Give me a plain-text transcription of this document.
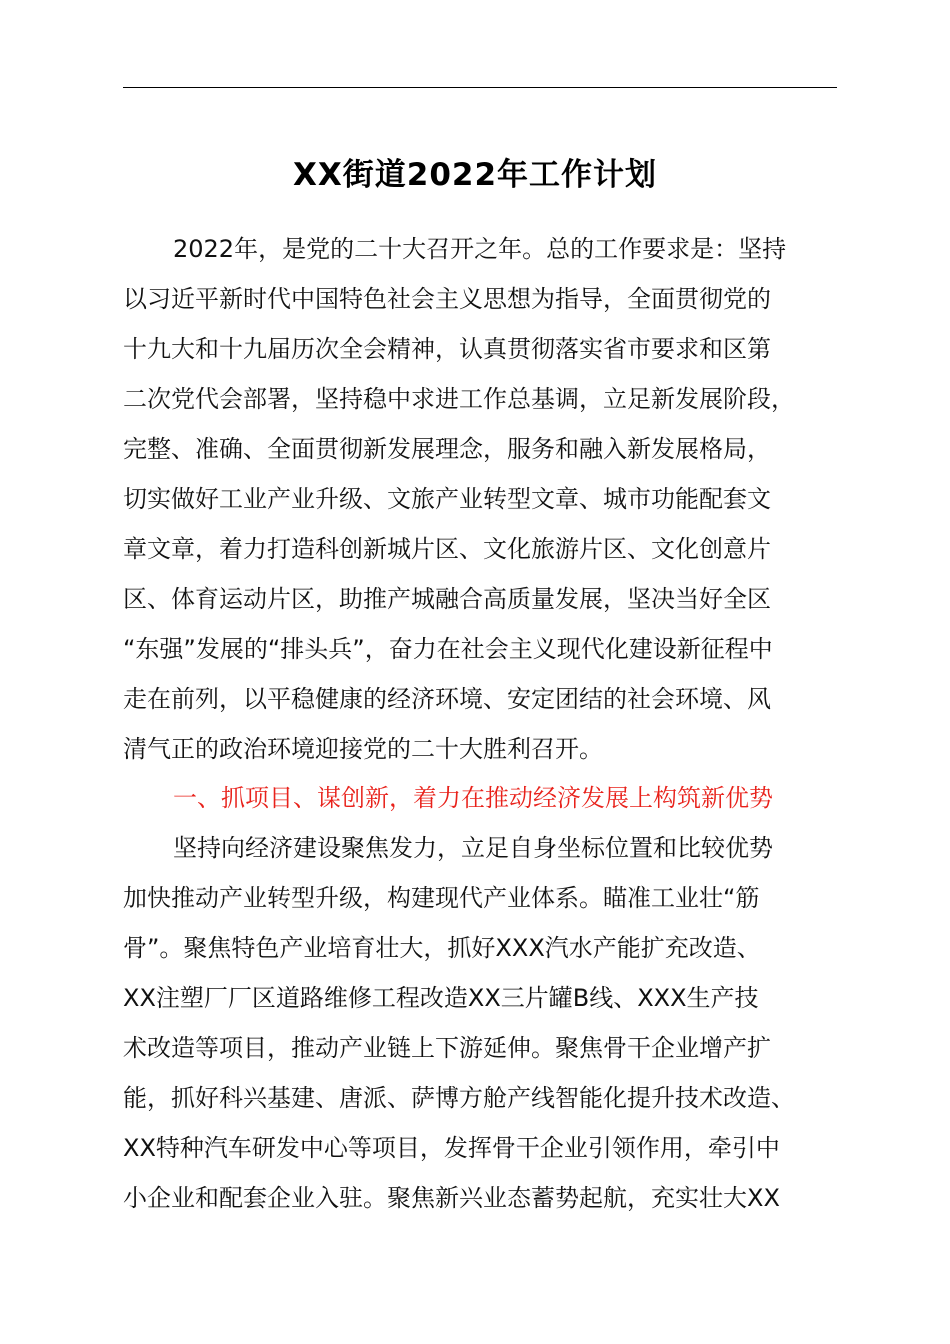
XX街道2022年工作计划
2022年，是党的二十大召开之年。总的工作要求是：坚持
以习近平新时代中国特色社会主义思想为指导，全面贯彻党的
十九大和十九届历次全会精神，认真贯彻落实省市要求和区第
二次党代会部署，坚持稳中求进工作总基调，立足新发展阶段，
完整、准确、全面贯彻新发展理念，服务和融入新发展格局，
切实做好工业产业升级、文旅产业转型文章、城市功能配套文
章文章，着力打造科创新城片区、文化旅游片区、文化创意片
区、体育运动片区，助推产城融合高质量发展，坚决当好全区
“东强”发展的“排头兵”，奋力在社会主义现代化建设新征程中
走在前列，以平稳健康的经济环境、安定团结的社会环境、风
清气正的政治环境迎接党的二十大胜利召开。
一、抓项目、谋创新，着力在推动经济发展上构筑新优势
坚持向经济建设聚焦发力，立足自身坐标位置和比较优势
加快推动产业转型升级，构建现代产业体系。瞄准工业壮“筋
骨”。聚焦特色产业培育壮大，抓好XXX汽水产能扩充改造、
XX注塑厂厂区道路维修工程改造XX三片罐B线、XXX生产技
术改造等项目，推动产业链上下游延伸。聚焦骨干企业增产扩
能，抓好科兴基建、唐派、萨博方舱产线智能化提升技术改造、
XX特种汽车研发中心等项目，发挥骨干企业引领作用，牵引中
小企业和配套企业入驻。聚焦新兴业态蓄势起航，充实壮大XX
